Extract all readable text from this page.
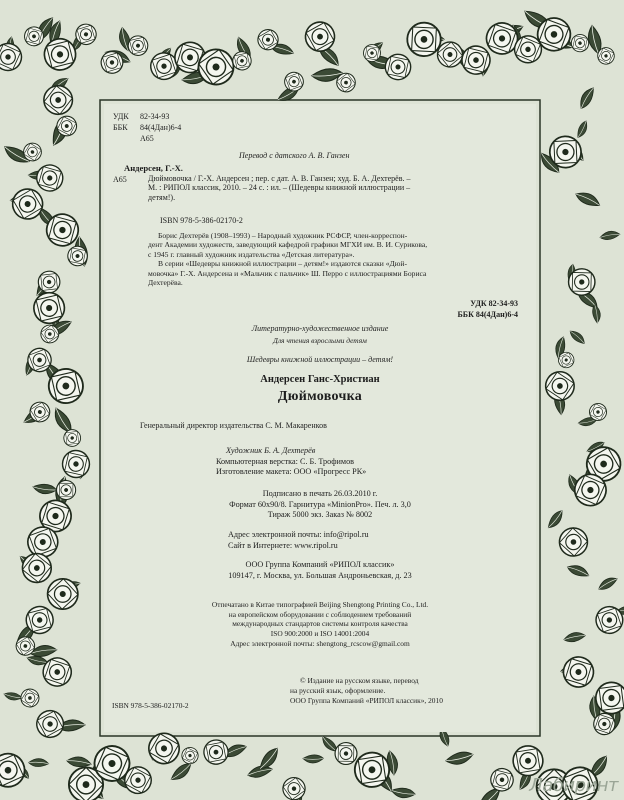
УДК 82-34-93
ББК 84(4Дан)6-4
А65
Перевод с датского А. В. Ганзен
Андерсен, Г.-Х.
А65	Дюймовочка / Г.-Х. Андерсен ; пер. с дат. А. В. Ганзен; худ. Б. А. Дехтерёв. –
М. : РИПОЛ классик, 2010. – 24 с. : ил. – (Шедевры книжной иллюстрации –
детям!).
ISBN 978-5-386-02170-2
Борис Дехтерёв (1908–1993) – Народный художник РСФСР, член-корреспон-
дент Академии художеств, заведующий кафедрой графики МГХИ им. В. И. Сурикова,
с 1945 г. главный художник издательства «Детская литература».
В серии «Шедевры книжной иллюстрации – детям!» издаются сказки «Дюй-
мовочка» Г.-Х. Андерсена и «Мальчик с пальчик» Ш. Перро с иллюстрациями Бориса
Дехтерёва.
УДК 82-34-93
ББК 84(4Дан)6-4
Литературно-художественное издание
Для чтения взрослыми детям
Шедевры книжной иллюстрации – детям!
Андерсен Ганс-Христиан
Дюймовочка
Генеральный директор издательства С. М. Макаренков
Художник Б. А. Дехтерёв
Компьютерная верстка: С. Б. Трофимов
Изготовление макета: ООО «Прогресс РК»
Подписано в печать 26.03.2010 г.
Формат 60x90/8. Гарнитура «MinionPro». Печ. л. 3,0
Тираж 5000 экз. Заказ № 8002
Адрес электронной почты: info@ripol.ru
Сайт в Интернете: www.ripol.ru
ООО Группа Компаний «РИПОЛ классик»
109147, г. Москва, ул. Большая Андроньевская, д. 23
Отпечатано в Китае типографией Beijing Shengtong Printing Co., Ltd.
на европейском оборудовании с соблюдением требований
международных стандартов системы контроля качества
ISO 900:2000 и ISO 14001:2004
Адрес электронной почты: shengtong_rcscow@gmail.com
ISBN 978-5-386-02170-2
© Издание на русском языке, перевод
на русский язык, оформление.
ООО Группа Компаний «РИПОЛ классик», 2010
Лабиринт
